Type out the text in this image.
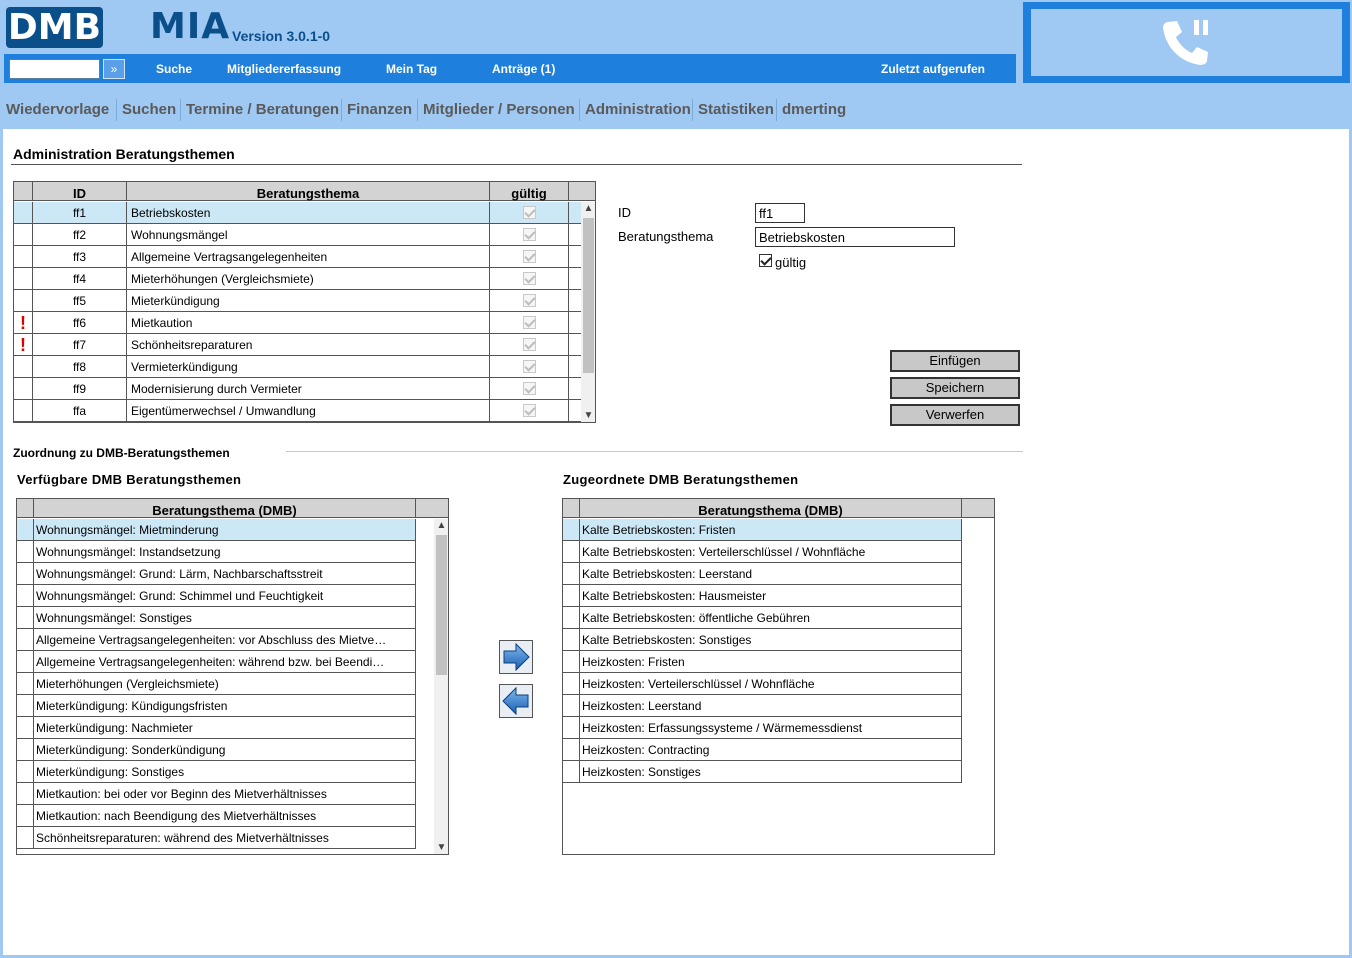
DMB MIA Version 3.0.1-0
»	Suche	Mitgliedererfassung	Mein Tag	Anträge (1)	Zuletzt aufgerufen
Wiedervorlage Suchen Termine / Beratungen Finanzen Mitglieder / Personen Administration Statistiken dmerting
Administration Beratungsthemen
ID	Beratungsthema	gültig
ff1	Betriebskosten
ff2	Wohnungsmängel
ff3	Allgemeine Vertragsangelegenheiten
ff4	Mieterhöhungen (Vergleichsmiete)
ff5	Mieterkündigung
!	ff6	Mietkaution
!	ff7	Schönheitsreparaturen
ff8	Vermieterkündigung
ff9	Modernisierung durch Vermieter
ffa	Eigentümerwechsel / Umwandlung
▲
▼
ID
ff1
Beratungsthema
Betriebskosten
gültig
Einfügen
Speichern
Verwerfen
Zuordnung zu DMB-Beratungsthemen
Verfügbare DMB Beratungsthemen	Zugeordnete DMB Beratungsthemen
Beratungsthema (DMB)
Wohnungsmängel: Mietminderung
Wohnungsmängel: Instandsetzung
Wohnungsmängel: Grund: Lärm, Nachbarschaftsstreit
Wohnungsmängel: Grund: Schimmel und Feuchtigkeit
Wohnungsmängel: Sonstiges
Allgemeine Vertragsangelegenheiten: vor Abschluss des Mietve…
Allgemeine Vertragsangelegenheiten: während bzw. bei Beendi…
Mieterhöhungen (Vergleichsmiete)
Mieterkündigung: Kündigungsfristen
Mieterkündigung: Nachmieter
Mieterkündigung: Sonderkündigung
Mieterkündigung: Sonstiges
Mietkaution: bei oder vor Beginn des Mietverhältnisses
Mietkaution: nach Beendigung des Mietverhältnisses
Schönheitsreparaturen: während des Mietverhältnisses
▲
▼
Beratungsthema (DMB)
Kalte Betriebskosten: Fristen
Kalte Betriebskosten: Verteilerschlüssel / Wohnfläche
Kalte Betriebskosten: Leerstand
Kalte Betriebskosten: Hausmeister
Kalte Betriebskosten: öffentliche Gebühren
Kalte Betriebskosten: Sonstiges
Heizkosten: Fristen
Heizkosten: Verteilerschlüssel / Wohnfläche
Heizkosten: Leerstand
Heizkosten: Erfassungssysteme / Wärmemessdienst
Heizkosten: Contracting
Heizkosten: Sonstiges
